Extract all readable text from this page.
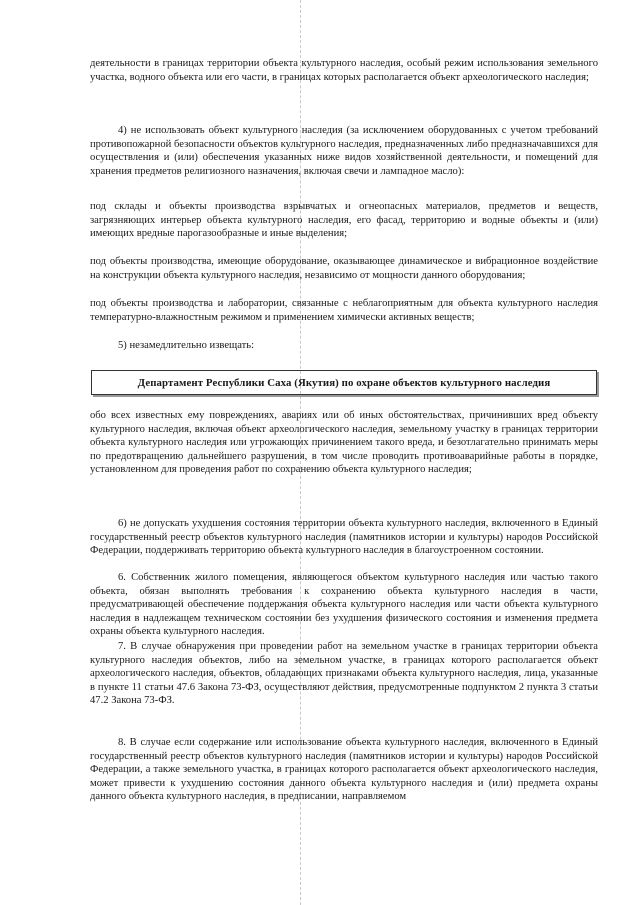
деятельности в границах территории объекта культурного наследия, особый режим использования земельного участка, водного объекта или его части, в границах которых располагается объект археологического наследия;

4) не использовать объект культурного наследия (за исключением оборудованных с учетом требований противопожарной безопасности объектов культурного наследия, предназначенных либо предназначавшихся для осуществления и (или) обеспечения указанных ниже видов хозяйственной деятельности, и помещений для хранения предметов религиозного назначения, включая свечи и лампадное масло):

под склады и объекты производства взрывчатых и огнеопасных материалов, предметов и веществ, загрязняющих интерьер объекта культурного наследия, его фасад, территорию и водные объекты и (или) имеющих вредные парогазообразные и иные выделения;

под объекты производства, имеющие оборудование, оказывающее динамическое и вибрационное воздействие на конструкции объекта культурного наследия, независимо от мощности данного оборудования;

под объекты производства и лаборатории, связанные с неблагоприятным для объекта культурного наследия температурно-влажностным режимом и применением химически активных веществ;

5) незамедлительно извещать:

Департамент Республики Саха (Якутия) по охране объектов культурного наследия

обо всех известных ему повреждениях, авариях или об иных обстоятельствах, причинивших вред объекту культурного наследия, включая объект археологического наследия, земельному участку в границах территории объекта культурного наследия или угрожающих причинением такого вреда, и безотлагательно принимать меры по предотвращению дальнейшего разрушения, в том числе проводить противоаварийные работы в порядке, установленном для проведения работ по сохранению объекта культурного наследия;

6) не допускать ухудшения состояния территории объекта культурного наследия, включенного в Единый государственный реестр объектов культурного наследия (памятников истории и культуры) народов Российской Федерации, поддерживать территорию объекта культурного наследия в благоустроенном состоянии.

6. Собственник жилого помещения, являющегося объектом культурного наследия или частью такого объекта, обязан выполнять требования к сохранению объекта культурного наследия в части, предусматривающей обеспечение поддержания объекта культурного наследия или части объекта культурного наследия в надлежащем техническом состоянии без ухудшения физического состояния и изменения предмета охраны объекта культурного наследия.

7. В случае обнаружения при проведении работ на земельном участке в границах территории объекта культурного наследия объектов, либо на земельном участке, в границах которого располагается объект археологического наследия, объектов, обладающих признаками объекта культурного наследия, лица, указанные в пункте 11 статьи 47.6 Закона 73-ФЗ, осуществляют действия, предусмотренные подпунктом 2 пункта 3 статьи 47.2 Закона 73-ФЗ.

8. В случае если содержание или использование объекта культурного наследия, включенного в Единый государственный реестр объектов культурного наследия (памятников истории и культуры) народов Российской Федерации, а также земельного участка, в границах которого располагается объект археологического наследия, может привести к ухудшению состояния данного объекта культурного наследия и (или) предмета охраны данного объекта культурного наследия, в предписании, направляемом
